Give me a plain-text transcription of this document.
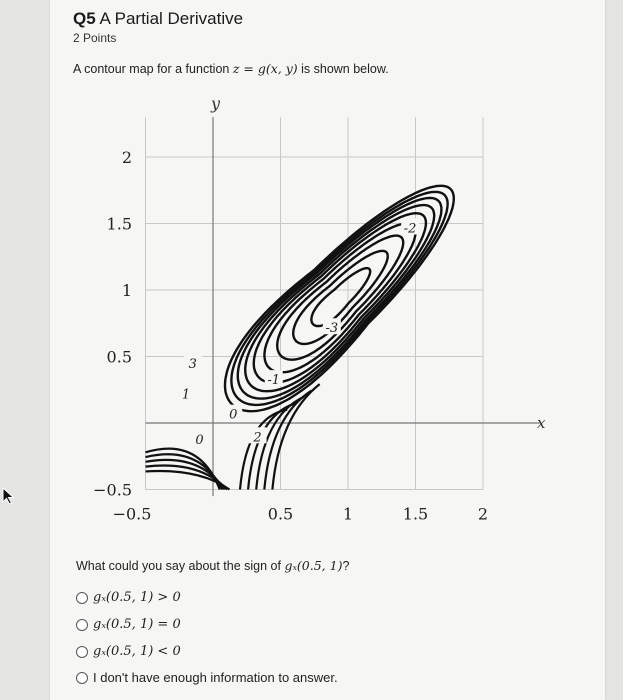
Q5 A Partial Derivative
2 Points
A contour map for a function z = g(x, y) is shown below.
x
y
2
1.5
1
0.5
−0.5
−0.5	0.5	1	1.5	2
-3
-2
-1
0
0
1
2
3
What could you say about the sign of gₓ(0.5, 1)?
gₓ(0.5, 1) > 0
gₓ(0.5, 1) = 0
gₓ(0.5, 1) < 0
I don't have enough information to answer.
